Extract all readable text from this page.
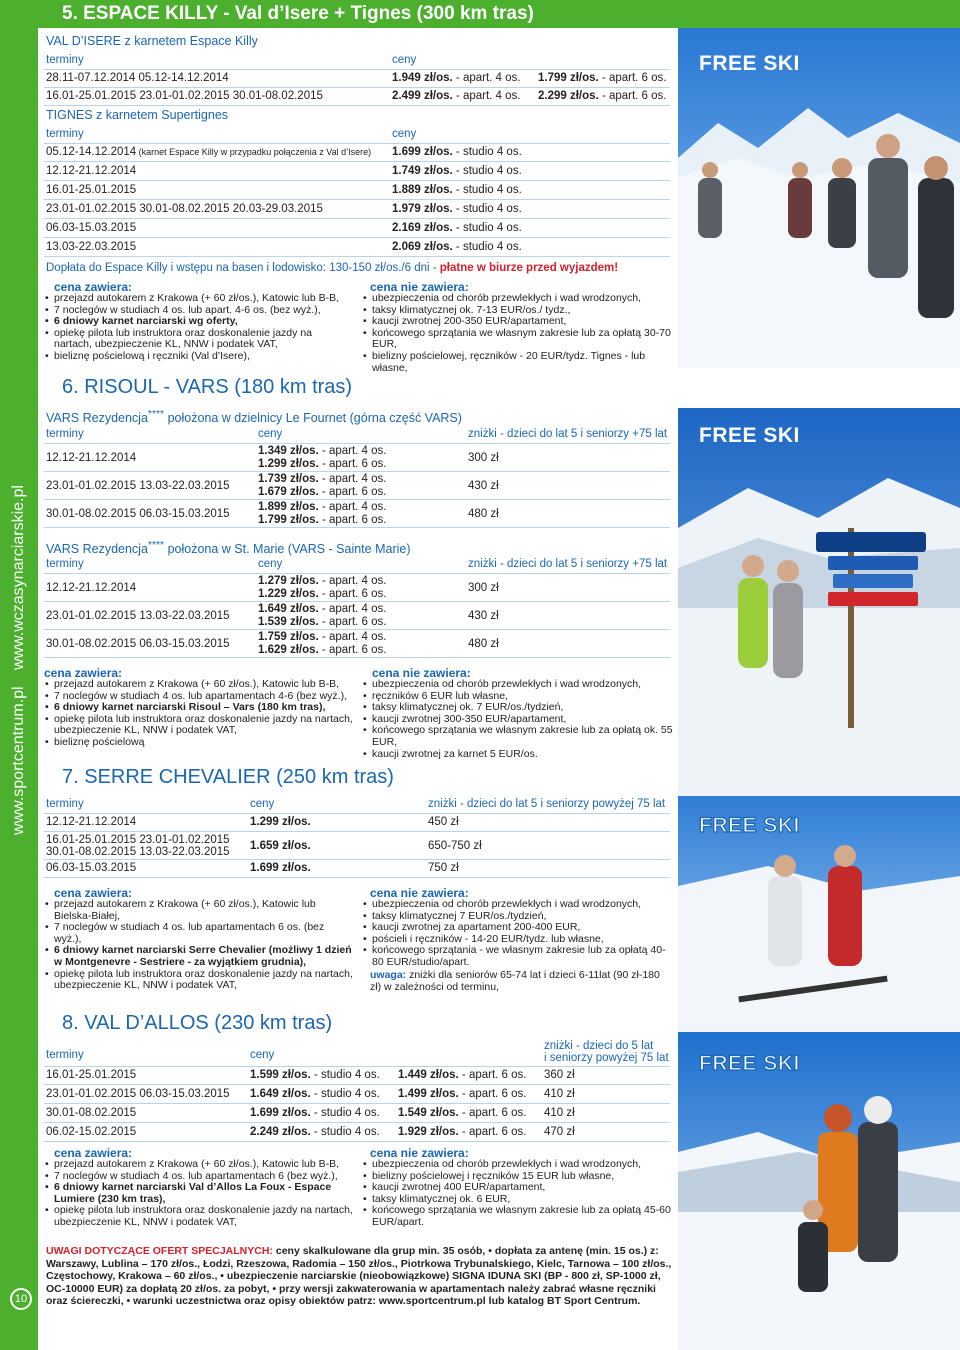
www.sportcentrum.pl www.wczasynarciarskie.pl
10
5. ESPACE KILLY - Val d’Isere + Tignes (300 km tras)
FREE SKI
FREE SKI
FREE SKI
FREE SKI
VAL D’ISERE z karnetem Espace Killy
terminy	ceny
28.11-07.12.2014 05.12-14.12.2014	1.949 zł/os. - apart. 4 os. 1.799 zł/os. - apart. 6 os.
16.01-25.01.2015 23.01-01.02.2015 30.01-08.02.2015	2.499 zł/os. - apart. 4 os. 2.299 zł/os. - apart. 6 os.
TIGNES z karnetem Supertignes
terminy	ceny
05.12-14.12.2014 (karnet Espace Killy w przypadku połączenia z Val d’Isere) 1.699 zł/os. - studio 4 os.
12.12-21.12.2014	1.749 zł/os. - studio 4 os.
16.01-25.01.2015	1.889 zł/os. - studio 4 os.
23.01-01.02.2015 30.01-08.02.2015 20.03-29.03.2015	1.979 zł/os. - studio 4 os.
06.03-15.03.2015	2.169 zł/os. - studio 4 os.
13.03-22.03.2015	2.069 zł/os. - studio 4 os.
Dopłata do Espace Killy i wstępu na basen i lodowisko: 130-150 zł/os./6 dni - płatne w biurze przed wyjazdem!
cena zawiera:
• przejazd autokarem z Krakowa (+ 60 zł/os.), Katowic lub B-B,
• 7 noclegów w studiach 4 os. lub apart. 4-6 os. (bez wyż.),
• 6 dniowy karnet narciarski wg oferty,
• opiekę pilota lub instruktora oraz doskonalenie jazdy na nartach, ubezpieczenie KL, NNW i podatek VAT,
• bieliznę pościelową i ręczniki (Val d’Isere),
cena nie zawiera:
• ubezpieczenia od chorób przewlekłych i wad wrodzonych,
• taksy klimatycznej ok. 7-13 EUR/os./ tydz.,
• kaucji zwrotnej 200-350 EUR/apartament,
• końcowego sprzątania we własnym zakresie lub za opłatą 30-70 EUR,
• bielizny pościelowej, ręczników - 20 EUR/tydz. Tignes - lub własne,
6. RISOUL - VARS (180 km tras)
VARS Rezydencja**** położona w dzielnicy Le Fournet (górna część VARS)
terminy	ceny	zniżki - dzieci do lat 5 i seniorzy +75 lat
12.12-21.12.2014
1.349 zł/os. - apart. 4 os.
1.299 zł/os. - apart. 6 os.	300 zł
23.01-01.02.2015 13.03-22.03.2015
1.739 zł/os. - apart. 4 os.
1.679 zł/os. - apart. 6 os.	430 zł
30.01-08.02.2015 06.03-15.03.2015
1.899 zł/os. - apart. 4 os.
1.799 zł/os. - apart. 6 os.	480 zł
VARS Rezydencja**** położona w St. Marie (VARS - Sainte Marie)
terminy	ceny	zniżki - dzieci do lat 5 i seniorzy +75 lat
12.12-21.12.2014
1.279 zł/os. - apart. 4 os.
1.229 zł/os. - apart. 6 os.	300 zł
23.01-01.02.2015 13.03-22.03.2015
1.649 zł/os. - apart. 4 os.
1.539 zł/os. - apart. 6 os.	430 zł
30.01-08.02.2015 06.03-15.03.2015
1.759 zł/os. - apart. 4 os.
1.629 zł/os. - apart. 6 os.	480 zł
cena zawiera:
• przejazd autokarem z Krakowa (+ 60 zł/os.), Katowic lub B-B,
• 7 noclegów w studiach 4 os. lub apartamentach 4-6 (bez wyż.),
• 6 dniowy karnet narciarski Risoul – Vars (180 km tras),
• opiekę pilota lub instruktora oraz doskonalenie jazdy na nartach, ubezpieczenie KL, NNW i podatek VAT,
• bieliznę pościelową
cena nie zawiera:
• ubezpieczenia od chorób przewlekłych i wad wrodzonych,
• ręczników 6 EUR lub własne,
• taksy klimatycznej ok. 7 EUR/os./tydzień,
• kaucji zwrotnej 300-350 EUR/apartament,
• końcowego sprzątania we własnym zakresie lub za opłatą ok. 55 EUR,
• kaucji zwrotnej za karnet 5 EUR/os.
7. SERRE CHEVALIER (250 km tras)
terminy	ceny	zniżki - dzieci do lat 5 i seniorzy powyżej 75 lat
12.12-21.12.2014	1.299 zł/os.	450 zł
16.01-25.01.2015 23.01-01.02.2015
30.01-08.02.2015 13.03-22.03.2015 1.659 zł/os.	650-750 zł
06.03-15.03.2015	1.699 zł/os.	750 zł
cena zawiera:
• przejazd autokarem z Krakowa (+ 60 zł/os.), Katowic lub Bielska-Białej,
• 7 noclegów w studiach 4 os. lub apartamentach 6 os. (bez wyż.),
• 6 dniowy karnet narciarski Serre Chevalier (możliwy 1 dzień w Montgenevre - Sestriere - za wyjątkiem grudnia),
• opiekę pilota lub instruktora oraz doskonalenie jazdy na nartach, ubezpieczenie KL, NNW i podatek VAT,
cena nie zawiera:
• ubezpieczenia od chorób przewlekłych i wad wrodzonych,
• taksy klimatycznej 7 EUR/os./tydzień,
• kaucji zwrotnej za apartament 200-400 EUR,
• pościeli i ręczników - 14-20 EUR/tydz. lub własne,
• końcowego sprzątania - we własnym zakresie lub za opłatą 40-80 EUR/studio/apart.
uwaga: zniżki dla seniorów 65-74 lat i dzieci 6-11lat (90 zł-180 zł) w zależności od terminu,
8. VAL D’ALLOS (230 km tras)
terminy	ceny
zniżki - dzieci do 5 lat
i seniorzy powyżej 75 lat
16.01-25.01.2015	1.599 zł/os. - studio 4 os. 1.449 zł/os. - apart. 6 os. 360 zł
23.01-01.02.2015 06.03-15.03.2015 1.649 zł/os. - studio 4 os. 1.499 zł/os. - apart. 6 os. 410 zł
30.01-08.02.2015	1.699 zł/os. - studio 4 os. 1.549 zł/os. - apart. 6 os. 410 zł
06.02-15.02.2015	2.249 zł/os. - studio 4 os. 1.929 zł/os. - apart. 6 os. 470 zł
cena zawiera:
• przejazd autokarem z Krakowa (+ 60 zł/os.), Katowic lub B-B,
• 7 noclegów w studiach 4 os. lub apartamentach 6 (bez wyż.),
• 6 dniowy karnet narciarski Val d’Allos La Foux - Espace Lumiere (230 km tras),
• opiekę pilota lub instruktora oraz doskonalenie jazdy na nartach, ubezpieczenie KL, NNW i podatek VAT,
cena nie zawiera:
• ubezpieczenia od chorób przewlekłych i wad wrodzonych,
• bielizny pościelowej i ręczników 15 EUR lub własne,
• kaucji zwrotnej 400 EUR/apartament,
• taksy klimatycznej ok. 6 EUR,
• końcowego sprzątania we własnym zakresie lub za opłatą 45-60 EUR/apart.
UWAGI DOTYCZĄCE OFERT SPECJALNYCH: ceny skalkulowane dla grup min. 35 osób, • dopłata za antenę (min. 15 os.) z: Warszawy, Lublina – 170 zł/os., Łodzi, Rzeszowa, Radomia – 150 zł/os., Piotrkowa Trybunalskiego, Kielc, Tarnowa – 100 zł/os., Częstochowy, Krakowa – 60 zł/os., • ubezpieczenie narciarskie (nieobowiązkowe) SIGNA IDUNA SKI (BP - 800 zł, SP-1000 zł, OC-10000 EUR) za dopłatą 20 zł/os. za pobyt, • przy wersji zakwaterowania w apartamentach należy zabrać własne ręczniki oraz ściereczki, • warunki uczestnictwa oraz opisy obiektów patrz: www.sportcentrum.pl lub katalog BT Sport Centrum.
